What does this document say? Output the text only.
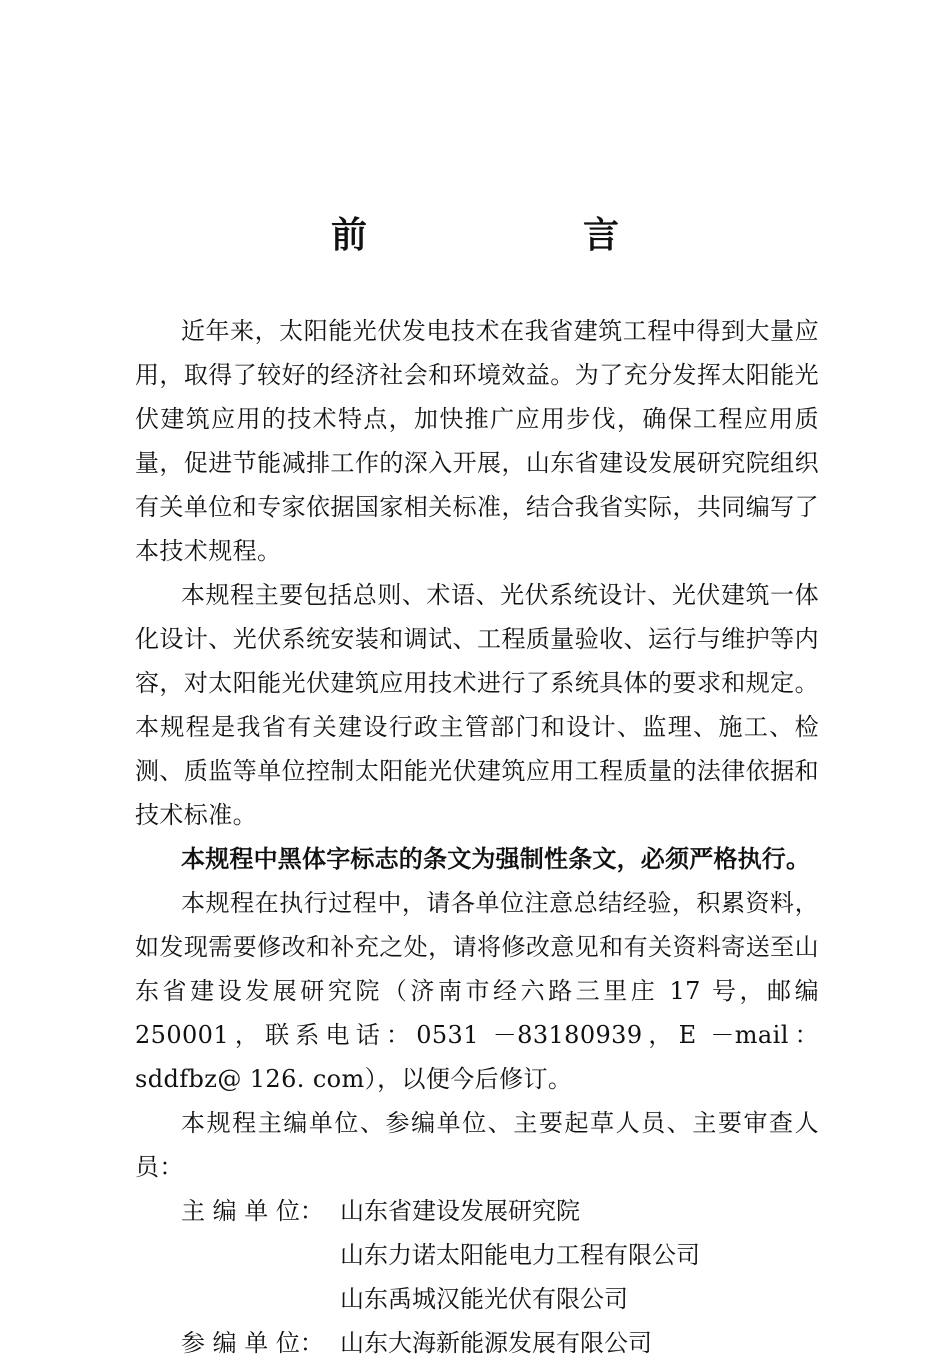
前　言

近年来，太阳能光伏发电技术在我省建筑工程中得到大量应用，取得了较好的经济社会和环境效益。为了充分发挥太阳能光伏建筑应用的技术特点，加快推广应用步伐，确保工程应用质量，促进节能减排工作的深入开展，山东省建设发展研究院组织有关单位和专家依据国家相关标准，结合我省实际，共同编写了本技术规程。

本规程主要包括总则、术语、光伏系统设计、光伏建筑一体化设计、光伏系统安装和调试、工程质量验收、运行与维护等内容，对太阳能光伏建筑应用技术进行了系统具体的要求和规定。本规程是我省有关建设行政主管部门和设计、监理、施工、检测、质监等单位控制太阳能光伏建筑应用工程质量的法律依据和技术标准。

本规程中黑体字标志的条文为强制性条文，必须严格执行。

本规程在执行过程中，请各单位注意总结经验，积累资料，如发现需要修改和补充之处，请将修改意见和有关资料寄送至山东省建设发展研究院（济南市经六路三里庄 17 号，邮编 250001，联系电话：0531 －83180939，E －mail：sddfbz@ 126. com），以便今后修订。

本规程主编单位、参编单位、主要起草人员、主要审查人员：

主 编 单 位： 山东省建设发展研究院
山东力诺太阳能电力工程有限公司
山东禹城汉能光伏有限公司
参 编 单 位： 山东大海新能源发展有限公司
